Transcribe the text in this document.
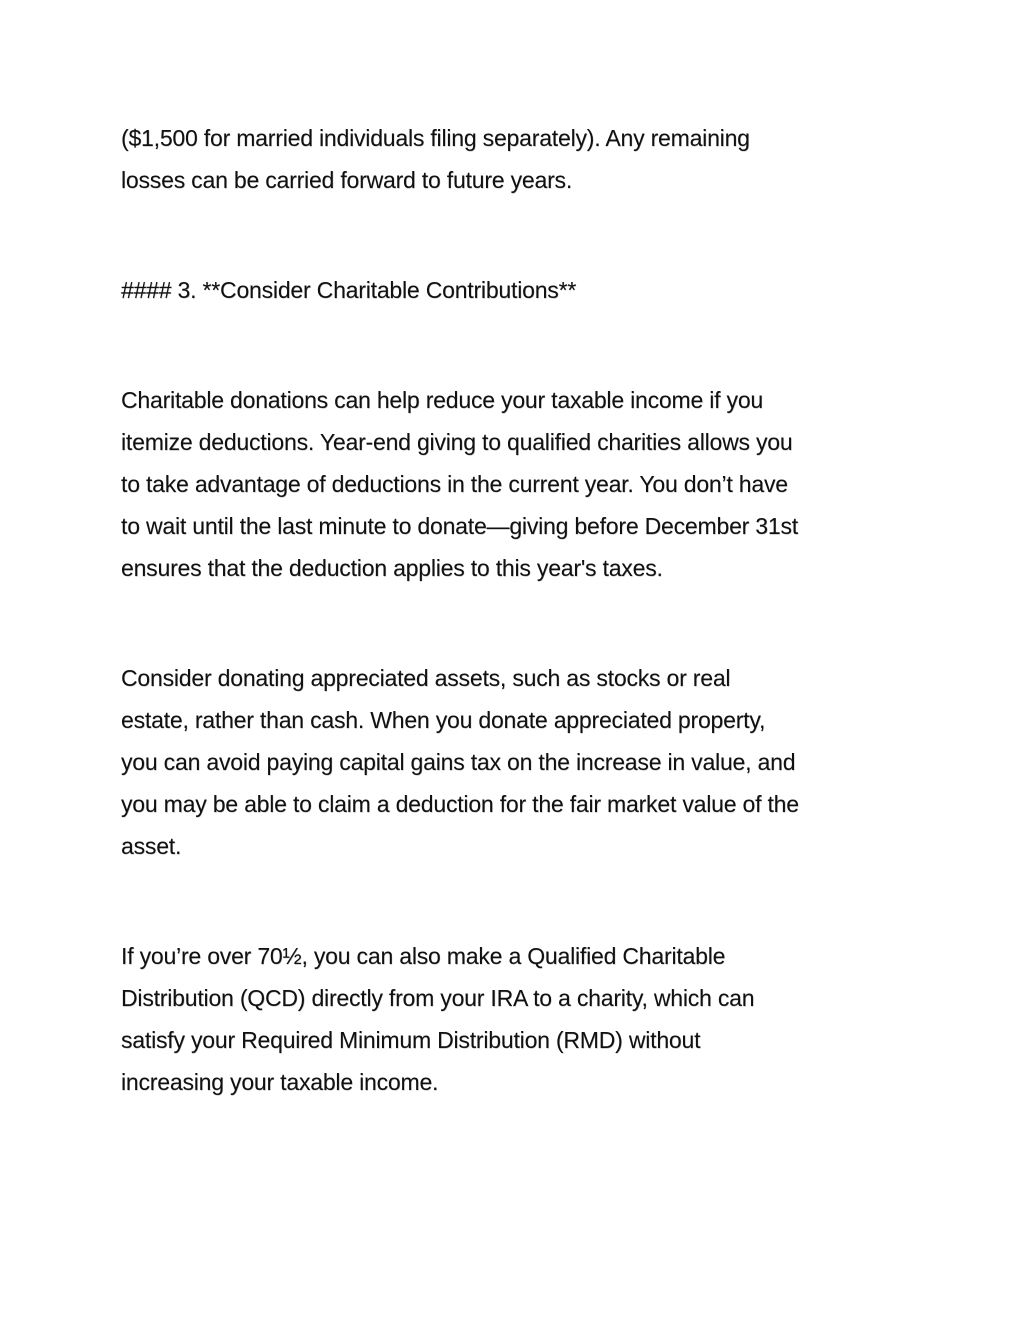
($1,500 for married individuals filing separately). Any remaining
losses can be carried forward to future years.

#### 3. **Consider Charitable Contributions**

Charitable donations can help reduce your taxable income if you
itemize deductions. Year-end giving to qualified charities allows you
to take advantage of deductions in the current year. You don’t have
to wait until the last minute to donate—giving before December 31st
ensures that the deduction applies to this year's taxes.

Consider donating appreciated assets, such as stocks or real
estate, rather than cash. When you donate appreciated property,
you can avoid paying capital gains tax on the increase in value, and
you may be able to claim a deduction for the fair market value of the
asset.

If you’re over 70½, you can also make a Qualified Charitable
Distribution (QCD) directly from your IRA to a charity, which can
satisfy your Required Minimum Distribution (RMD) without
increasing your taxable income.
